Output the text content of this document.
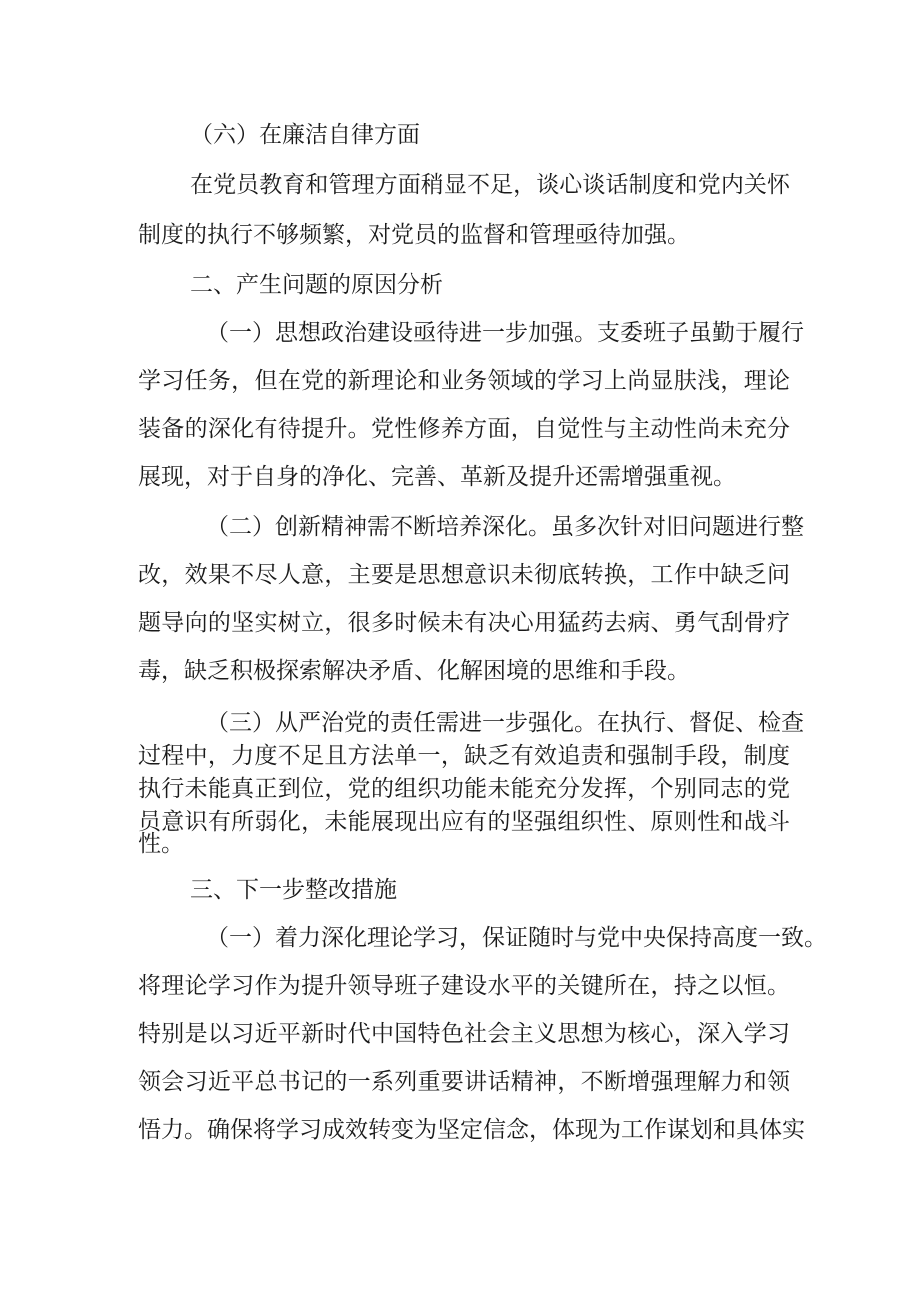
（六）在廉洁自律方面
在党员教育和管理方面稍显不足，谈心谈话制度和党内关怀
制度的执行不够频繁，对党员的监督和管理亟待加强。
二、产生问题的原因分析
（一）思想政治建设亟待进一步加强。支委班子虽勤于履行
学习任务，但在党的新理论和业务领域的学习上尚显肤浅，理论
装备的深化有待提升。党性修养方面，自觉性与主动性尚未充分
展现，对于自身的净化、完善、革新及提升还需增强重视。
（二）创新精神需不断培养深化。虽多次针对旧问题进行整
改，效果不尽人意，主要是思想意识未彻底转换，工作中缺乏问
题导向的坚实树立，很多时候未有决心用猛药去病、勇气刮骨疗
毒，缺乏积极探索解决矛盾、化解困境的思维和手段。
（三）从严治党的责任需进一步强化。在执行、督促、检查
过程中，力度不足且方法单一，缺乏有效追责和强制手段，制度
执行未能真正到位，党的组织功能未能充分发挥，个别同志的党
员意识有所弱化，未能展现出应有的坚强组织性、原则性和战斗
性。
三、下一步整改措施
（一）着力深化理论学习，保证随时与党中央保持高度一致。
将理论学习作为提升领导班子建设水平的关键所在，持之以恒。
特别是以习近平新时代中国特色社会主义思想为核心，深入学习
领会习近平总书记的一系列重要讲话精神，不断增强理解力和领
悟力。确保将学习成效转变为坚定信念，体现为工作谋划和具体实
